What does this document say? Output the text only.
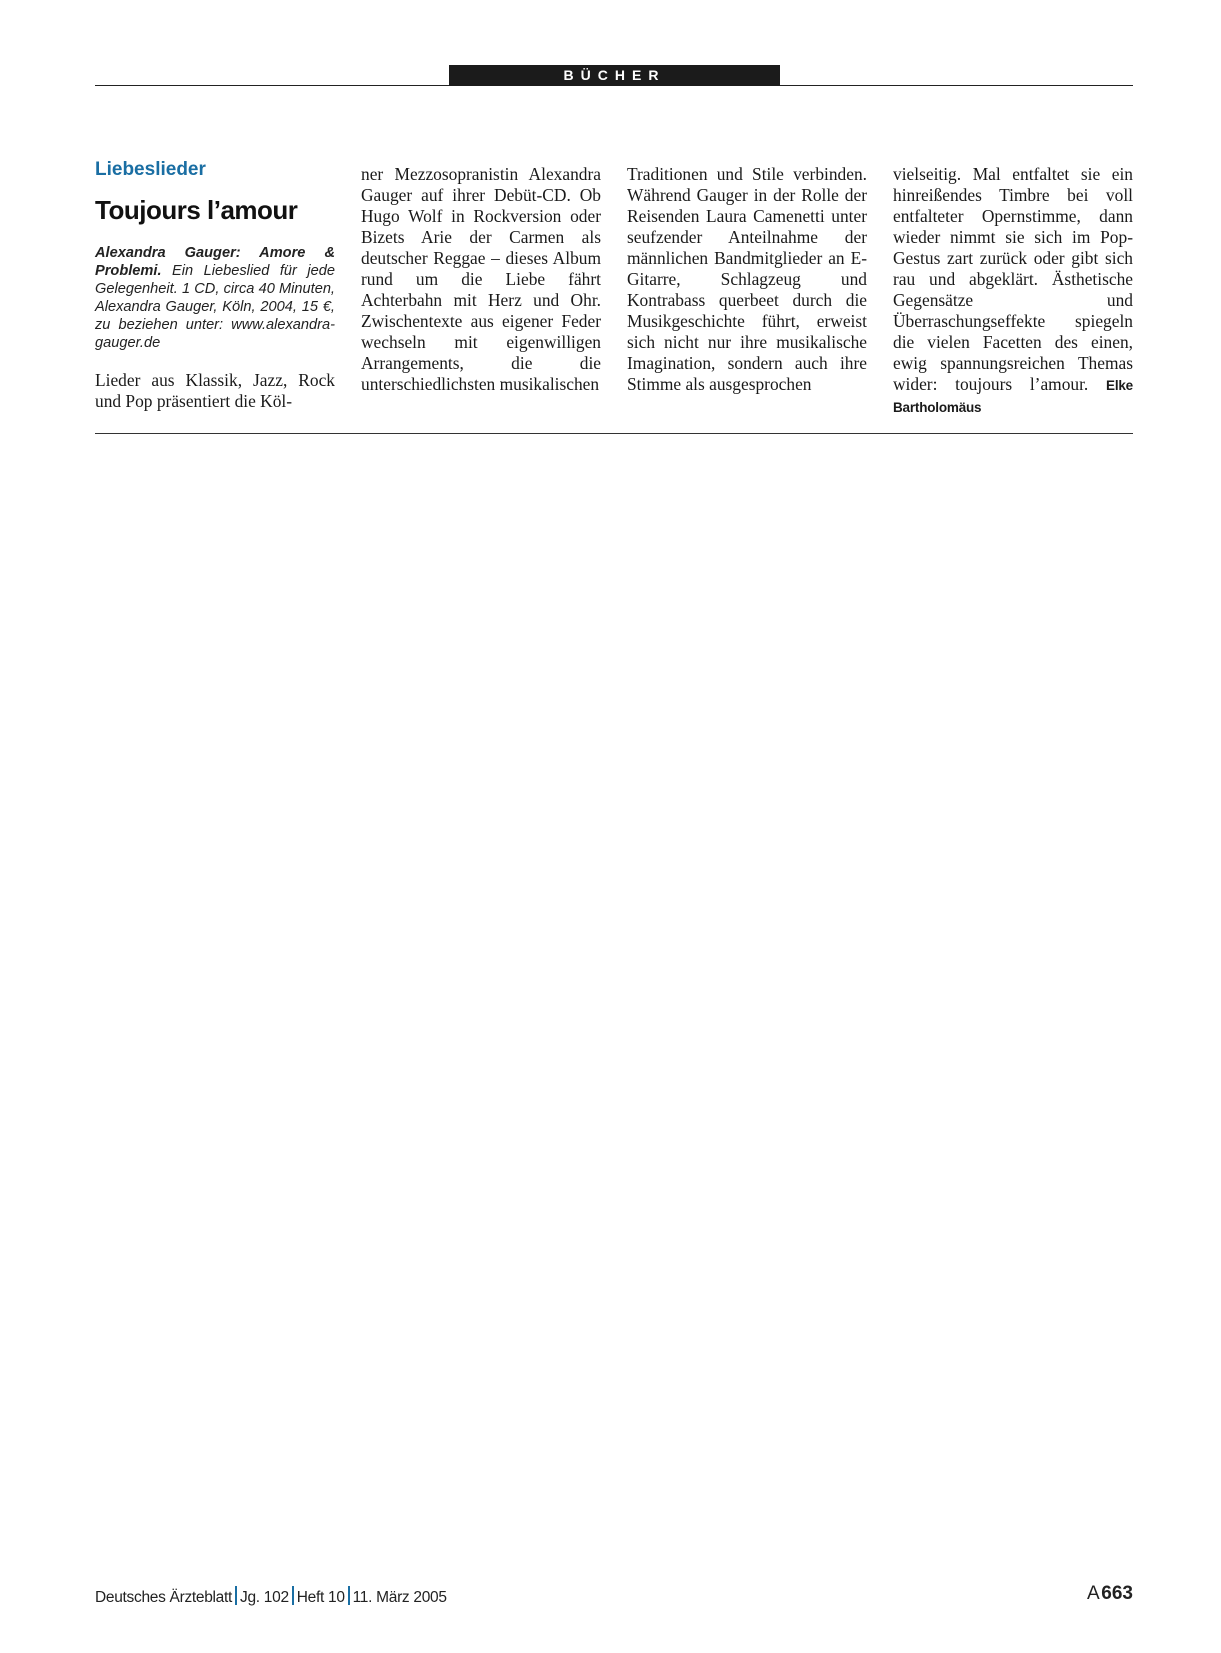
BÜCHER
Liebeslieder
Toujours l’amour
Alexandra Gauger: Amore & Problemi. Ein Liebeslied für jede Gelegenheit. 1 CD, circa 40 Minuten, Alexandra Gauger, Köln, 2004, 15 €, zu beziehen unter: www.alexandra-gauger.de

Lieder aus Klassik, Jazz, Rock und Pop präsentiert die Köl-

ner Mezzosopranistin Alexandra Gauger auf ihrer Debüt-CD. Ob Hugo Wolf in Rockversion oder Bizets Arie der Carmen als deutscher Reggae – dieses Album rund um die Liebe fährt Achterbahn mit Herz und Ohr. Zwischentexte aus eigener Feder wechseln mit eigenwilligen Arrangements, die die unterschiedlichsten musikalischen

Traditionen und Stile verbinden. Während Gauger in der Rolle der Reisenden Laura Camenetti unter seufzender Anteilnahme der männlichen Bandmitglieder an E-Gitarre, Schlagzeug und Kontrabass querbeet durch die Musikgeschichte führt, erweist sich nicht nur ihre musikalische Imagination, sondern auch ihre Stimme als ausgesprochen

vielseitig. Mal entfaltet sie ein hinreißendes Timbre bei voll entfalteter Opernstimme, dann wieder nimmt sie sich im Pop-Gestus zart zurück oder gibt sich rau und abgeklärt. Ästhetische Gegensätze und Überraschungseffekte spiegeln die vielen Facetten des einen, ewig spannungsreichen Themas wider: toujours l’amour. Elke Bartholomäus

Deutsches Ärzteblatt Jg. 102 Heft 10 11. März 2005	A 663
